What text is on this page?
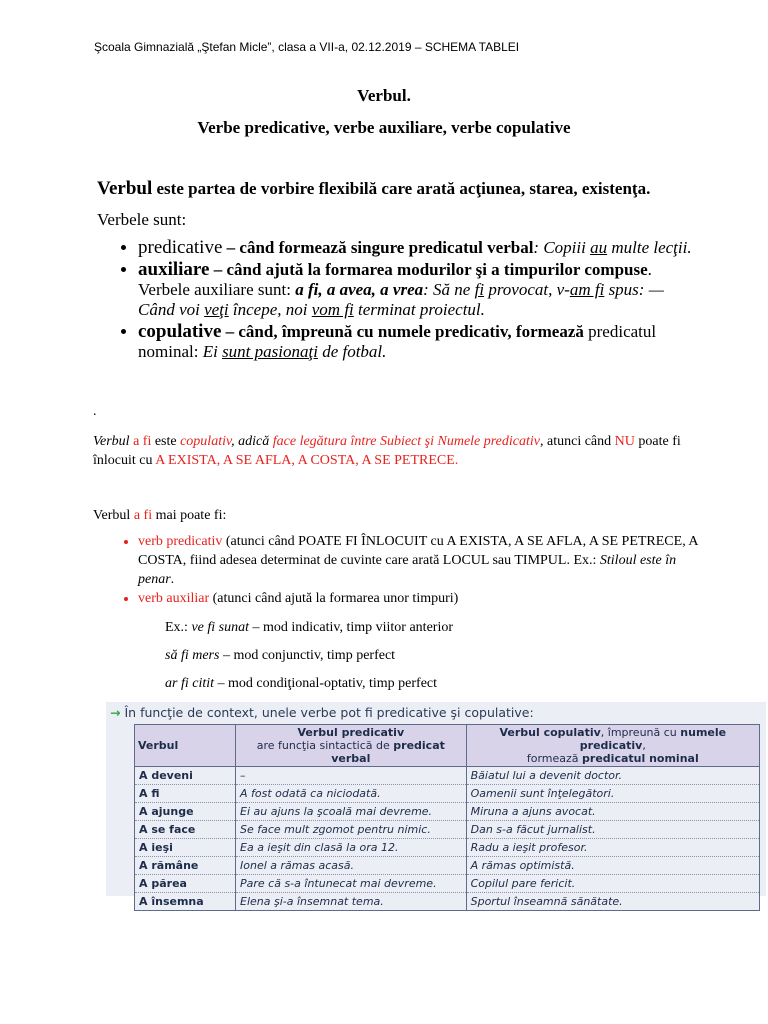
Şcoala Gimnazială „Ştefan Micle”, clasa a VII-a, 02.12.2019 – SCHEMA TABLEI
Verbul.
Verbe predicative, verbe auxiliare, verbe copulative
Verbul este partea de vorbire flexibilă care arată acţiunea, starea, existenţa.
Verbele sunt:
• predicative – când formează singure predicatul verbal: Copiii au multe lecţii.
• auxiliare – când ajută la formarea modurilor şi a timpurilor compuse. Verbele auxiliare sunt: a fi, a avea, a vrea: Să ne fi provocat, v-am fi spus: — Când voi veţi începe, noi vom fi terminat proiectul.
• copulative – când, împreună cu numele predicativ, formează predicatul nominal: Ei sunt pasionaţi de fotbal.
.
Verbul a fi este copulativ, adică face legătura între Subiect şi Numele predicativ, atunci când NU poate fi înlocuit cu A EXISTA, A SE AFLA, A COSTA, A SE PETRECE.
Verbul a fi mai poate fi:
• verb predicativ (atunci când POATE FI ÎNLOCUIT cu A EXISTA, A SE AFLA, A SE PETRECE, A COSTA, fiind adesea determinat de cuvinte care arată LOCUL sau TIMPUL. Ex.: Stiloul este în penar.
• verb auxiliar (atunci când ajută la formarea unor timpuri)
Ex.: ve fi sunat – mod indicativ, timp viitor anterior
să fi mers – mod conjunctiv, timp perfect
ar fi citit – mod condiţional-optativ, timp perfect
→ În funcţie de context, unele verbe pot fi predicative şi copulative:
Verbul	Verbul predicativ
are funcţia sintactică de predicat verbal	Verbul copulativ, împreună cu numele predicativ,
formează predicatul nominal
A deveni	–	Băiatul lui a devenit doctor.
A fi	A fost odată ca niciodată.	Oamenii sunt înţelegători.
A ajunge	Ei au ajuns la şcoală mai devreme.	Miruna a ajuns avocat.
A se face	Se face mult zgomot pentru nimic.	Dan s-a făcut jurnalist.
A ieşi	Ea a ieşit din clasă la ora 12.	Radu a ieşit profesor.
A rămâne	Ionel a rămas acasă.	A rămas optimistă.
A părea	Pare că s-a întunecat mai devreme.	Copilul pare fericit.
A însemna	Elena şi-a însemnat tema.	Sportul înseamnă sănătate.
